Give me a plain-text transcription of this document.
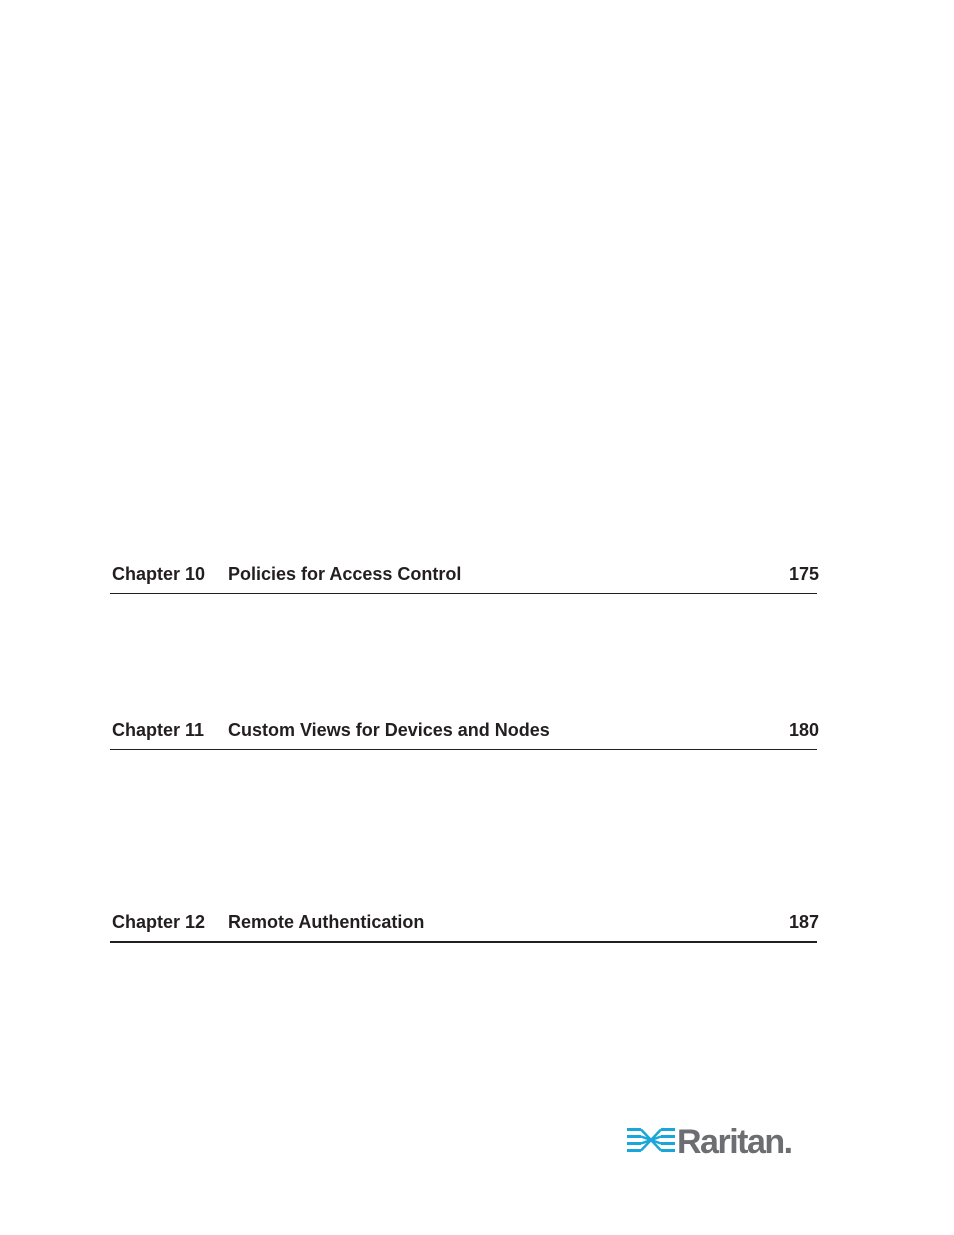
Chapter 10 Policies for Access Control	175
Chapter 11 Custom Views for Devices and Nodes	180
Chapter 12 Remote Authentication	187
Raritan.
